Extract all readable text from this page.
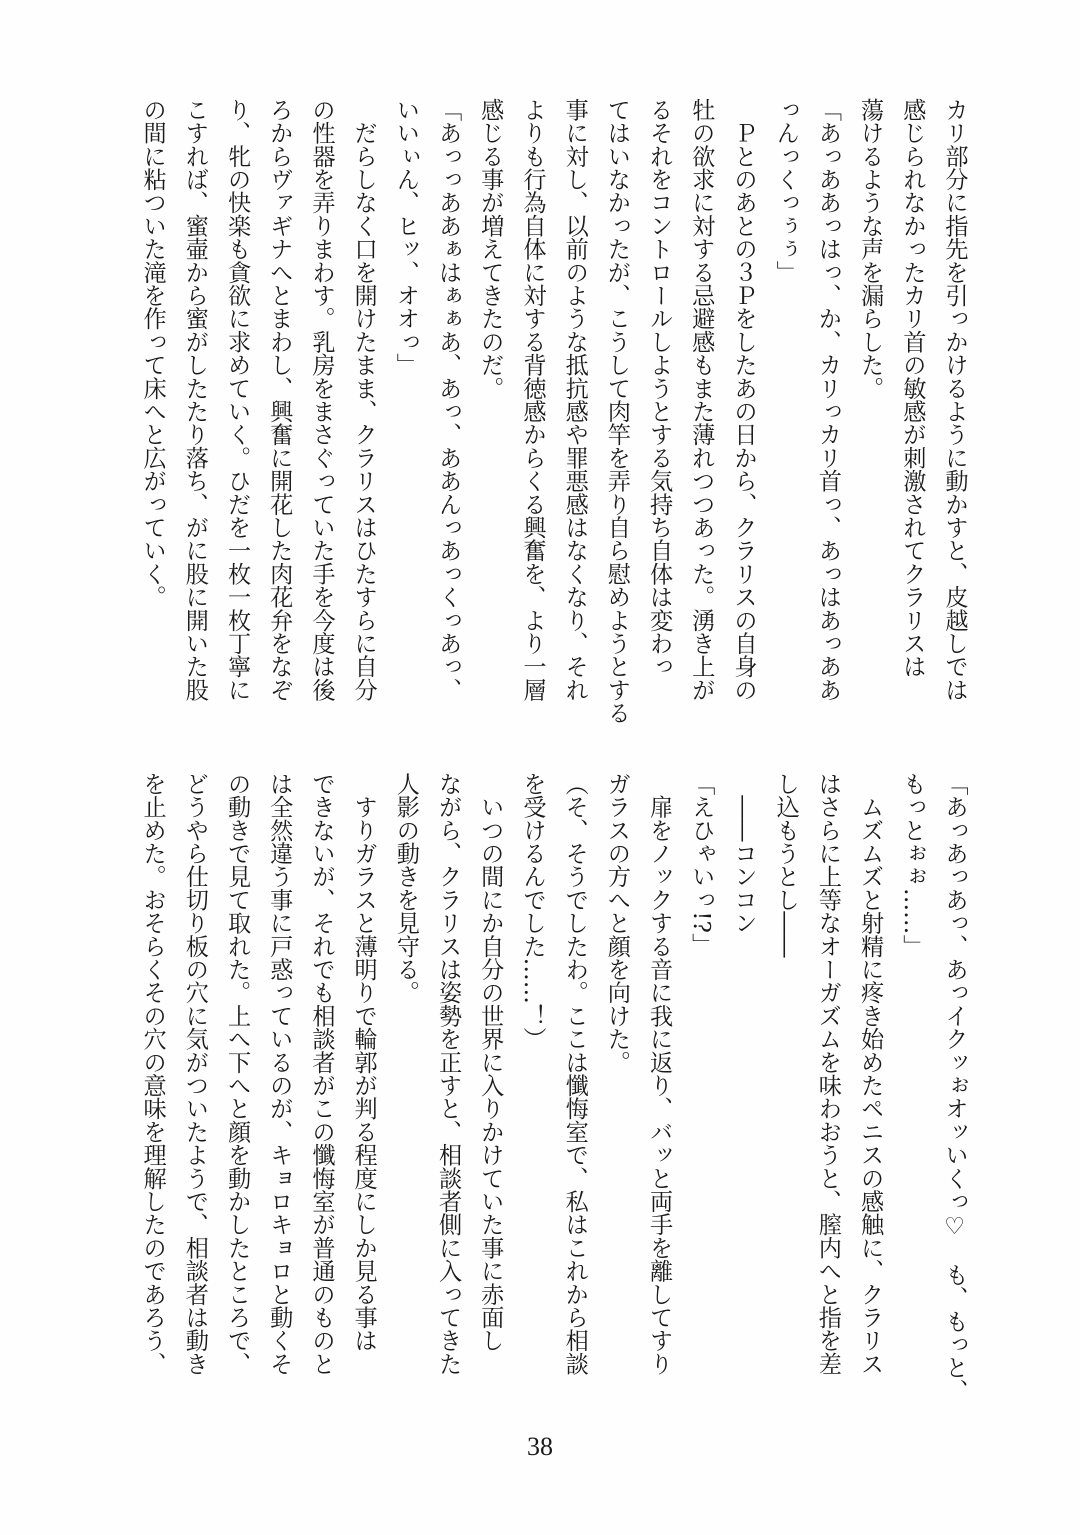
カリ部分に指先を引っかけるように動かすと、皮越しでは
感じられなかったカリ首の敏感が刺激されてクラリスは
蕩けるような声を漏らした。
「あっああっはっ、か、カリっカリ首っ、あっはあっああ
っんっくっぅぅ」
　Ｐとのあとの３Ｐをしたあの日から、クラリスの自身の
牡の欲求に対する忌避感もまた薄れつつあった。湧き上が
るそれをコントロールしようとする気持ち自体は変わっ
てはいなかったが、こうして肉竿を弄り自ら慰めようとする
事に対し、以前のような抵抗感や罪悪感はなくなり、それ
よりも行為自体に対する背徳感からくる興奮を、より一層
感じる事が増えてきたのだ。
「あっっああぁはぁぁあ、あっ、ああんっあっくっあっ、
いいぃん、ヒッ、オオっ」
　だらしなく口を開けたまま、クラリスはひたすらに自分
の性器を弄りまわす。乳房をまさぐっていた手を今度は後
ろからヴァギナへとまわし、興奮に開花した肉花弁をなぞ
り、牝の快楽も貪欲に求めていく。ひだを一枚一枚丁寧に
こすれば、蜜壷から蜜がしたたり落ち、がに股に開いた股
の間に粘ついた滝を作って床へと広がっていく。
「あっあっあっ、あっイクッぉオッいくっ♡　も、もっと、
もっとぉぉ……」
　ムズムズと射精に疼き始めたペニスの感触に、クラリス
はさらに上等なオーガズムを味わおうと、膣内へと指を差
し込もうとし――
　――コンコン
「えひゃいっ!?」
　扉をノックする音に我に返り、バッと両手を離してすり
ガラスの方へと顔を向けた。
（そ、そうでしたわ。ここは懺悔室で、私はこれから相談
を受けるんでした……！）
　いつの間にか自分の世界に入りかけていた事に赤面し
ながら、クラリスは姿勢を正すと、相談者側に入ってきた
人影の動きを見守る。
　すりガラスと薄明りで輪郭が判る程度にしか見る事は
できないが、それでも相談者がこの懺悔室が普通のものと
は全然違う事に戸惑っているのが、キョロキョロと動くそ
の動きで見て取れた。上へ下へと顔を動かしたところで、
どうやら仕切り板の穴に気がついたようで、相談者は動き
を止めた。おそらくその穴の意味を理解したのであろう、
38
